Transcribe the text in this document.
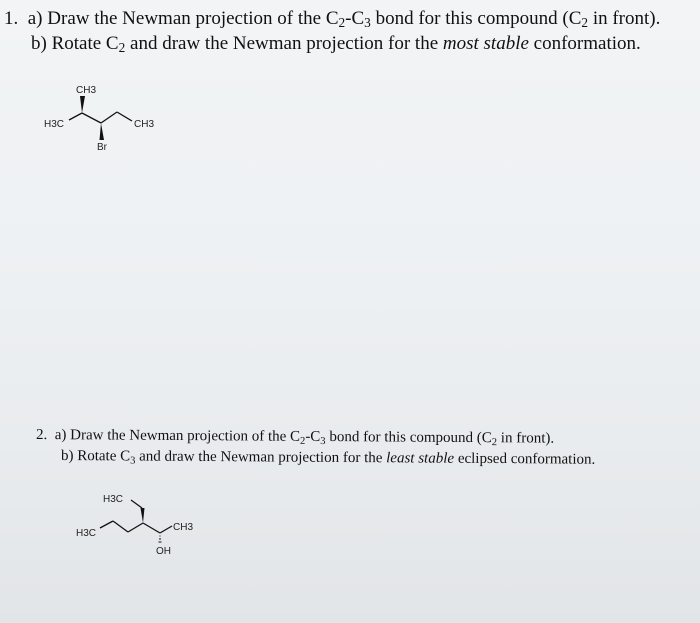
1. a) Draw the Newman projection of the $C_2-C_3$ bond for this compound ($C_2$ in front).
b) Rotate $C_2$ and draw the Newman projection for the most stable conformation.
2. a) Draw the Newman projection of the $C_2-C_3$ bond for this compound ($C_2$ in front).
b) Rotate $C_3$ and draw the Newman projection for the least stable eclipsed conformation.
CH3
H3C	CH3
Br
H3C
H3C
CH3
OH
